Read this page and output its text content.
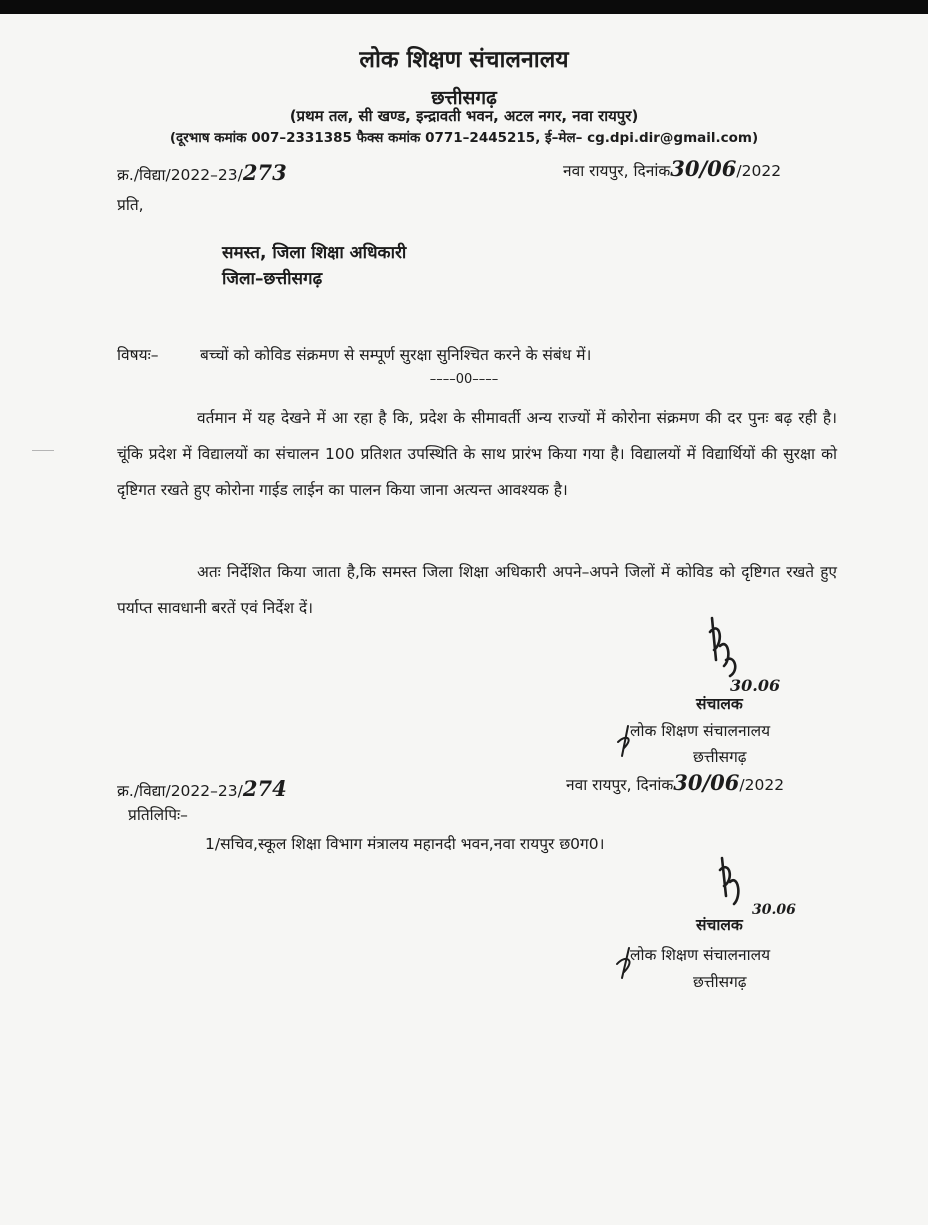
लोक शिक्षण संचालनालय
छत्तीसगढ़
(प्रथम तल, सी खण्ड, इन्द्रावती भवन, अटल नगर, नवा रायपुर)
(दूरभाष कमांक 007–2331385 फैक्स कमांक 0771–2445215, ई–मेल– cg.dpi.dir@gmail.com)
क्र./विद्या/2022–23/273	नवा रायपुर, दिनांक30/06/2022
प्रति,
समस्त, जिला शिक्षा अधिकारी
जिला–छत्तीसगढ़
विषयः–	बच्चों को कोविड संक्रमण से सम्पूर्ण सुरक्षा सुनिश्चित करने के संबंध में।
––––00––––
वर्तमान में यह देखने में आ रहा है कि, प्रदेश के सीमावर्ती अन्य राज्यों में कोरोना संक्रमण की दर पुनः बढ़ रही है। चूंकि प्रदेश में विद्यालयों का संचालन 100 प्रतिशत उपस्थिति के साथ प्रारंभ किया गया है। विद्यालयों में विद्यार्थियों की सुरक्षा को दृष्टिगत रखते हुए कोरोना गाईड लाईन का पालन किया जाना अत्यन्त आवश्यक है।
अतः निर्देशित किया जाता है,कि समस्त जिला शिक्षा अधिकारी अपने–अपने जिलों में कोविड को दृष्टिगत रखते हुए पर्याप्त सावधानी बरतें एवं निर्देश दें।
30.06
संचालक
लोक शिक्षण संचालनालय
छत्तीसगढ़
क्र./विद्या/2022–23/274	नवा रायपुर, दिनांक30/06/2022
प्रतिलिपिः–
1/सचिव,स्कूल शिक्षा विभाग मंत्रालय महानदी भवन,नवा रायपुर छ0ग0।
30.06
संचालक
लोक शिक्षण संचालनालय
छत्तीसगढ़
